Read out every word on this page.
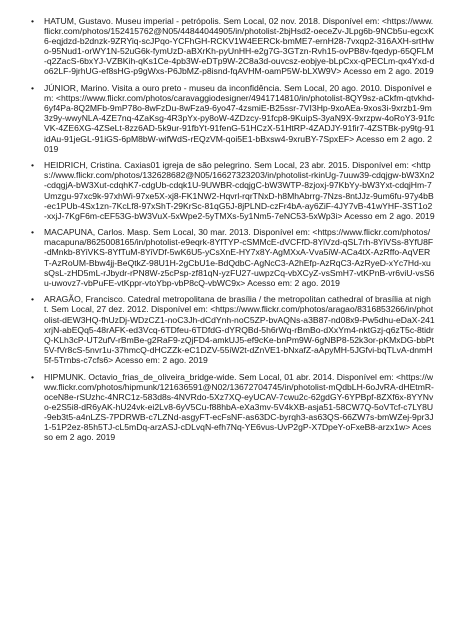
• HATUM, Gustavo. Museu imperial - petrópolis. Sem Local, 02 nov. 2018. Disponível em: <https://www.flickr.com/photos/152415762@N05/44844044905/in/photolist-2bjHsd2-oeceZv-JLpg6b-9NCb5u-egcxK6-eqjdzd-b2dnzk-9ZRYiq-scJPqo-YCFhGH-RCKV1W4EERCk-bmME7-ernH28-7vxqp2-316AXH-srtHwo-95Nud1-orWY1N-52uG6k-fymUzD-aBXrKh-pyUnHH-e2g7G-3GTzn-Rvh15-ovPB8v-fqedyp-65QFLM-q2ZacS-6bxYJ-VZBKih-qKs1Ce-4pb3W-eDTp9W-2C8a3d-ouvcsz-eobjye-bLpCxx-qPECLm-qx4Yxd-do62LF-9jrhUG-ef8sHG-p9gWxs-P6JbMZ-p8isnd-fqAVHM-oamP5W-bLXW9V> Acesso em 2 ago. 2019
• JÚNIOR, Marino. Visita a ouro preto - museu da inconfidência. Sem Local, 20 ago. 2010. Disponível em: <https://www.flickr.com/photos/caravaggiodesigner/4941714810/in/photolist-8QY9sz-aCkfm-qtvkhd-6yf4Pa-8Q2MFb-9mP78o-8wFzDu-8wFza9-6yo47-4zsmiE-B25ssr-7VI3Hp-9xoAEa-9xos3i-9xrzb1-9m3z9y-wwyNLA-4ZE7nq-4ZaKsg-4R3pYx-py8oW-4ZDzcy-91fcp8-9KuipS-3yaN9X-9xrzpw-4oRoY3-91fcVK-4ZE6XG-4ZSeLt-8zz6AD-5k9ur-91fbYt-91fenG-51HCzX-51HtRP-4ZADJY-91fir7-4ZSTBk-py9tg-91idAu-91jeGL-91iGS-6pM8bW-wifWdS-rEQzVM-qoi5E1-bBxsw4-9xruBY-7SpxEF> Acesso em 2 ago. 2019
• HEIDRICH, Cristina. Caxias01 igreja de são pelegrino. Sem Local, 23 abr. 2015. Disponível em: <https://www.flickr.com/photos/132628682@N05/16627323203/in/photolist-rkinUg-7uuw39-cdqjgw-bW3Xn2-cdqgjA-bW3Xut-cdqhK7-cdgUb-cdqk1U-9UWBR-cdqjgC-bW3WTP-8zjoxj-97KbYy-bW3Yxt-cdqjHm-7Umzgu-97xc9k-97xhWi-97xe5X-xj8-FK1NW2-Hqvrl-rqrTNxD-h8MhAbrrg-7Nzs-8ntJJz-9um6fu-97y4bB-ec1PUb-4Sx1zn-7KcLf8-97xShT-29KrSc-81qG5J-8jPLND-czFr4bA-ay6ZiF-4JY7vB-41wYHF-3ST1o2-xxjJ-7KgF6m-cEF53G-bW3VuX-5xWpe2-5yTMXs-5y1Nm5-7eNC53-5xWp3i> Acesso em 2 ago. 2019
• MACAPUNA, Carlos. Masp. Sem Local, 30 mar. 2013. Disponível em: <https://www.flickr.com/photos/macapuna/8625008165/in/photolist-e9eqrk-8YfTYP-cSMMcE-dVCFfD-8YiVzd-qSL7rh-8YiVSs-8YfU8F-dMnkb-8YiVKS-8YfTuM-8YiVDf-5wK6U5-yCsXnE-HY7x8Y-AgMXxA-Vva5iW-ACa4tX-AzRffo-AqVERT-AzRoUM-Bbw4jj-BeQtkZ-98U1H-2gCbU1e-BdQdbC-AgNcC3-A2hEfp-AzRqC3-AzRyeD-xYc7Hd-xusQsL-zHD5mL-rJbydr-rPN8W-z5cPsp-zf81qN-yzFU27-uwpzCq-vbXCyZ-vsSmH7-vtKPnB-vr6viU-vsS6u-uwovz7-vbPuFE-vtKppr-vtoYbp-vbP8cQ-vbWC9x> Acesso em: 2 ago. 2019
• ARAGÃO, Francisco. Catedral metropolitana de brasília / the metropolitan cathedral of brasília at night. Sem Local, 27 dez. 2012. Disponível em: <https://www.flickr.com/photos/aragao/8316853266/in/photolist-dEW3HQ-fhUzDj-WDzCZ1-noC3Jh-dCdYnh-noC5ZP-bvAQNs-a3B87-nd08x9-Pw5dhu-eDaX-241xrjN-abEQq5-48rAFK-ed3Vcq-6TDfeu-6TDfdG-dYRQBd-5h6rWq-rBmBo-dXxYm4-nktGzj-q6zT5c-8tidrQ-KLh3cP-UT2ufV-rBmBe-g2RaF9-zQjFD4-amkUJ5-ef9cKe-bnPm9W-6gNBP8-52k3or-pKMxDG-bbPt5V-fVr8cS-5nvr1u-37hmcQ-dHCZZk-eC1DZV-55iW2t-dZnVE1-bNxafZ-aApyMH-5JGfvi-bqTLvA-dnmH5f-5Trnbs-c7cfs6> Acesso em: 2 ago. 2019
• HIPMUNK. Octavio_frias_de_oliveira_bridge-wide. Sem Local, 01 abr. 2014. Disponível em: <https://www.flickr.com/photos/hipmunk/121636591@N02/13672704745/in/photolist-mQdbLH-6oJvRA-dHEtmR-oceN8e-rSUzhc-4NRC1z-583d8s-4NVRdo-5Xz7XQ-eyUCAV-7cwu2c-62gdGY-6YPBpf-8ZXf6x-8YYNvo-e2S5i8-dR6yAK-hU24vk-ei2Lv8-6yV5Cu-f88hbA-eXa3mv-5V4kXB-asja51-58CW7Q-5oVTcf-c7LY8U-9eb3t5-a4nLZS-7PDRWB-c7LZNd-asgyFT-ecFsNF-as63DC-byrqh3-as63QS-66ZW7s-bmWZej-9pr3J1-51P2ez-85h5TJ-cL5mDq-arzASJ-cDLvqN-efh7Nq-YE6vus-UvP2gP-X7DpeY-oFxeB8-arzx1w> Acesso em 2 ago. 2019
